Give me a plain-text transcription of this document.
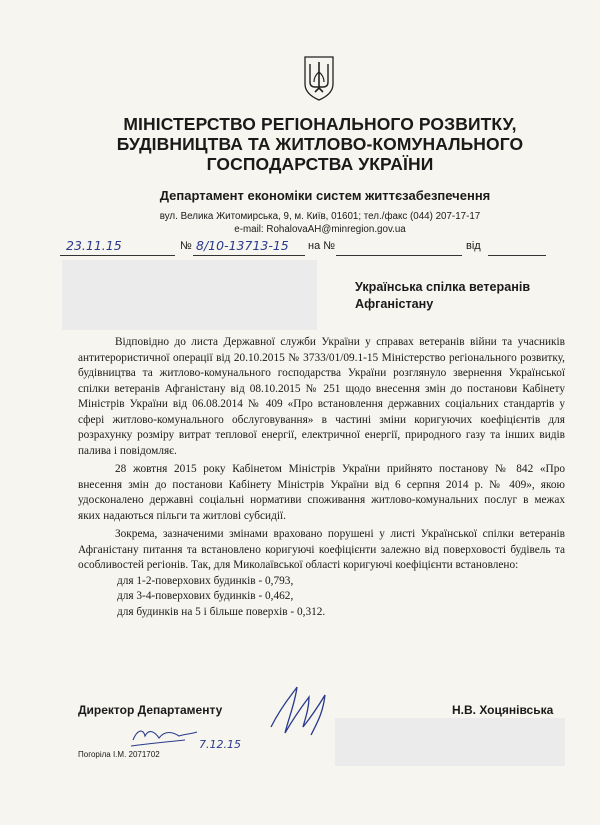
МІНІСТЕРСТВО РЕГІОНАЛЬНОГО РОЗВИТКУ,
БУДІВНИЦТВА ТА ЖИТЛОВО-КОМУНАЛЬНОГО
ГОСПОДАРСТВА УКРАЇНИ
Департамент економіки систем життєзабезпечення
вул. Велика Житомирська, 9, м. Київ, 01601; тел./факс (044) 207-17-17
e-mail: RohalovaAH@minregion.gov.ua
23.11.15	№ 8/10-13713-15 на №	від
Українська спілка ветеранів
Афганістану

Відповідно до листа Державної служби України у справах ветеранів війни та учасників антитерористичної операції від 20.10.2015 № 3733/01/09.1-15 Міністерство регіонального розвитку, будівництва та житлово-комунального господарства України розглянуло звернення Української спілки ветеранів Афганістану від 08.10.2015 № 251 щодо внесення змін до постанови Кабінету Міністрів України від 06.08.2014 № 409 «Про встановлення державних соціальних стандартів у сфері житлово-комунального обслуговування» в частині зміни коригуючих коефіцієнтів для розрахунку розміру витрат теплової енергії, електричної енергії, природного газу та інших видів палива і повідомляє.

28 жовтня 2015 року Кабінетом Міністрів України прийнято постанову № 842 «Про внесення змін до постанови Кабінету Міністрів України від 6 серпня 2014 р. № 409», якою удосконалено державні соціальні нормативи споживання житлово-комунальних послуг в межах яких надаються пільги та житлові субсидії.

Зокрема, зазначеними змінами враховано порушені у листі Української спілки ветеранів Афганістану питання та встановлено коригуючі коефіцієнти залежно від поверховості будівель та особливостей регіонів. Так, для Миколаївської області коригуючі коефіцієнти встановлено:

для 1-2-поверхових будинків - 0,793,
для 3-4-поверхових будинків - 0,462,
для будинків на 5 і більше поверхів - 0,312.
Директор Департаменту	Н.В. Хоцянівська
7.12.15
Погоріла І.М. 2071702
